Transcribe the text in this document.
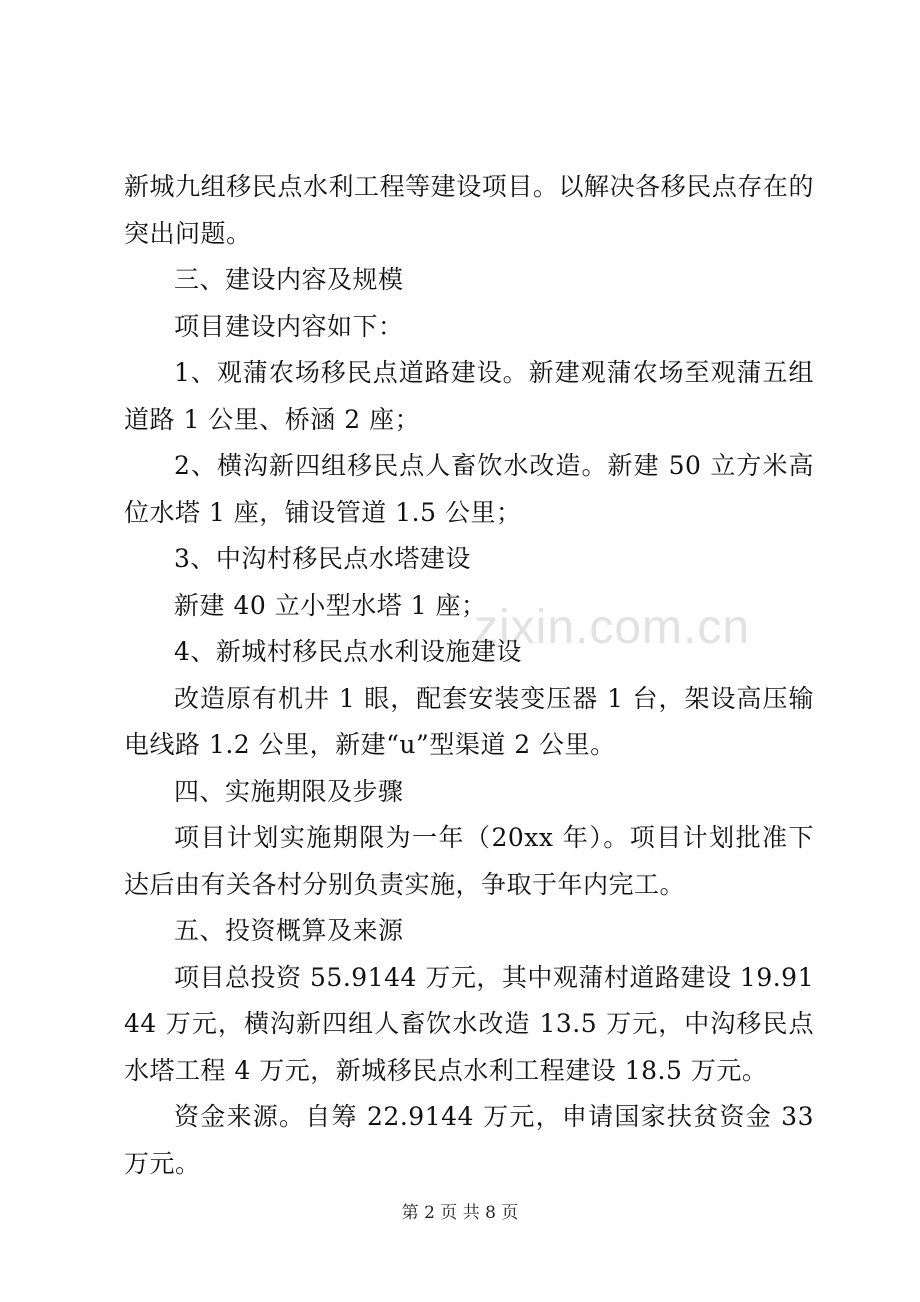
zixin.com.cn

新城九组移民点水利工程等建设项目。以解决各移民点存在的突出问题。

三、建设内容及规模

项目建设内容如下：

1、观蒲农场移民点道路建设。新建观蒲农场至观蒲五组道路 1 公里、桥涵 2 座；

2、横沟新四组移民点人畜饮水改造。新建 50 立方米高位水塔 1 座，铺设管道 1.5 公里；

3、中沟村移民点水塔建设

新建 40 立小型水塔 1 座；

4、新城村移民点水利设施建设

改造原有机井 1 眼，配套安装变压器 1 台，架设高压输电线路 1.2 公里，新建“u”型渠道 2 公里。

四、实施期限及步骤

项目计划实施期限为一年（20xx 年）。项目计划批准下达后由有关各村分别负责实施，争取于年内完工。

五、投资概算及来源

项目总投资 55.9144 万元，其中观蒲村道路建设 19.9144 万元，横沟新四组人畜饮水改造 13.5 万元，中沟移民点水塔工程 4 万元，新城移民点水利工程建设 18.5 万元。

资金来源。自筹 22.9144 万元，申请国家扶贫资金 33 万元。

第 2 页 共 8 页
